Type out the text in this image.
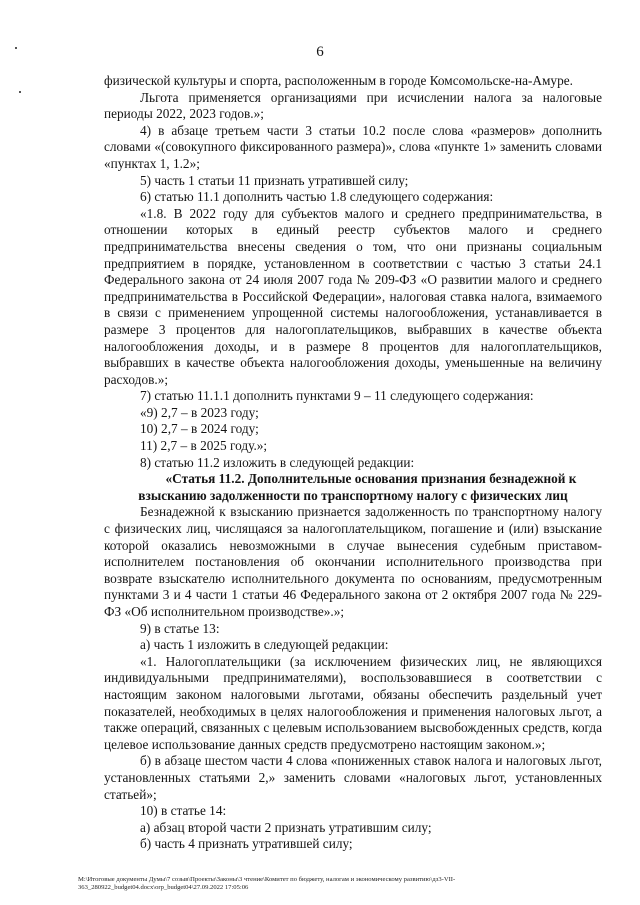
6

физической культуры и спорта, расположенным в городе Комсомольске-на-Амуре.

Льгота применяется организациями при исчислении налога за налоговые периоды 2022, 2023 годов.»;

4) в абзаце третьем части 3 статьи 10.2 после слова «размеров» дополнить словами «(совокупного фиксированного размера)», слова «пункте 1» заменить словами «пунктах 1, 1.2»;

5) часть 1 статьи 11 признать утратившей силу;

6) статью 11.1 дополнить частью 1.8 следующего содержания:

«1.8. В 2022 году для субъектов малого и среднего предпринимательства, в отношении которых в единый реестр субъектов малого и среднего предпринимательства внесены сведения о том, что они признаны социальным предприятием в порядке, установленном в соответствии с частью 3 статьи 24.1 Федерального закона от 24 июля 2007 года № 209-ФЗ «О развитии малого и среднего предпринимательства в Российской Федерации», налоговая ставка налога, взимаемого в связи с применением упрощенной системы налогообложения, устанавливается в размере 3 процентов для налогоплательщиков, выбравших в качестве объекта налогообложения доходы, и в размере 8 процентов для налогоплательщиков, выбравших в качестве объекта налогообложения доходы, уменьшенные на величину расходов.»;

7) статью 11.1.1 дополнить пунктами 9 – 11 следующего содержания:

«9) 2,7 – в 2023 году;

10) 2,7 – в 2024 году;

11) 2,7 – в 2025 году.»;

8) статью 11.2 изложить в следующей редакции:

«Статья 11.2. Дополнительные основания признания безнадежной к взысканию задолженности по транспортному налогу с физических лиц

Безнадежной к взысканию признается задолженность по транспортному налогу с физических лиц, числящаяся за налогоплательщиком, погашение и (или) взыскание которой оказались невозможными в случае вынесения судебным приставом-исполнителем постановления об окончании исполнительного производства при возврате взыскателю исполнительного документа по основаниям, предусмотренным пунктами 3 и 4 части 1 статьи 46 Федерального закона от 2 октября 2007 года № 229-ФЗ «Об исполнительном производстве».»;

9) в статье 13:

а) часть 1 изложить в следующей редакции:

«1. Налогоплательщики (за исключением физических лиц, не являющихся индивидуальными предпринимателями), воспользовавшиеся в соответствии с настоящим законом налоговыми льготами, обязаны обеспечить раздельный учет показателей, необходимых в целях налогообложения и применения налоговых льгот, а также операций, связанных с целевым использованием высвобожденных средств, когда целевое использование данных средств предусмотрено настоящим законом.»;

б) в абзаце шестом части 4 слова «пониженных ставок налога и налоговых льгот, установленных статьями 2,» заменить словами «налоговых льгот, установленных статьей»;

10) в статье 14:

а) абзац второй части 2 признать утратившим силу;

б) часть 4 признать утратившей силу;

М:\Итоговые документы Думы\7 созыв\Проекты\Законы\3 чтение\Комитет по бюджету, налогам и экономическому развитию\дз3-VII-
363_280922_budget04.docx\orp_budget04\27.09.2022 17:05:06
